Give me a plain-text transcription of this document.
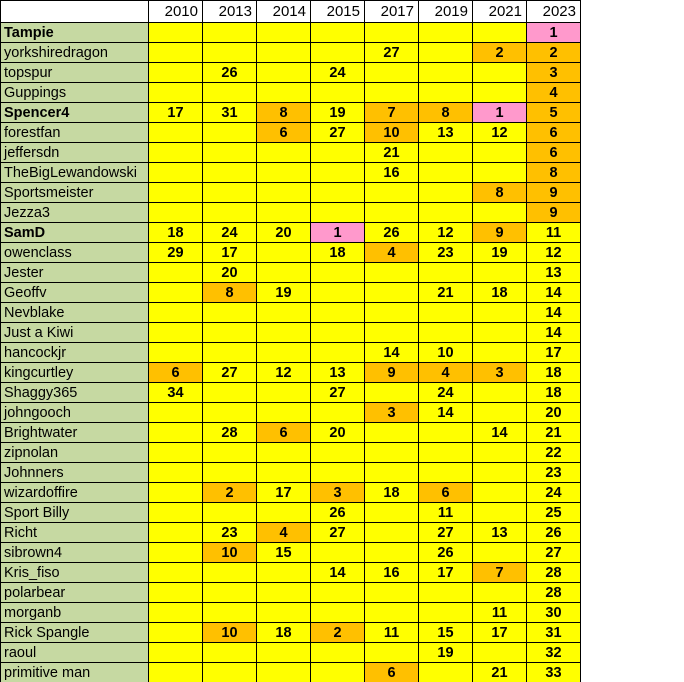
	2010	2013	2014	2015	2017	2019	2021	2023
Tampie								1
yorkshiredragon					27		2	2
topspur		26		24				3
Guppings								4
Spencer4	17	31	8	19	7	8	1	5
forestfan			6	27	10	13	12	6
jeffersdn					21			6
TheBigLewandowski					16			8
Sportsmeister							8	9
Jezza3								9
SamD	18	24	20	1	26	12	9	11
owenclass	29	17		18	4	23	19	12
Jester		20						13
Geoffv		8	19			21	18	14
Nevblake								14
Just a Kiwi								14
hancockjr					14	10		17
kingcurtley	6	27	12	13	9	4	3	18
Shaggy365	34			27		24		18
johngooch					3	14		20
Brightwater		28	6	20			14	21
zipnolan								22
Johnners								23
wizardoffire		2	17	3	18	6		24
Sport Billy				26		11		25
Richt		23	4	27		27	13	26
sibrown4		10	15			26		27
Kris_fiso				14	16	17	7	28
polarbear								28
morganb							11	30
Rick Spangle		10	18	2	11	15	17	31
raoul						19		32
primitive man					6		21	33
